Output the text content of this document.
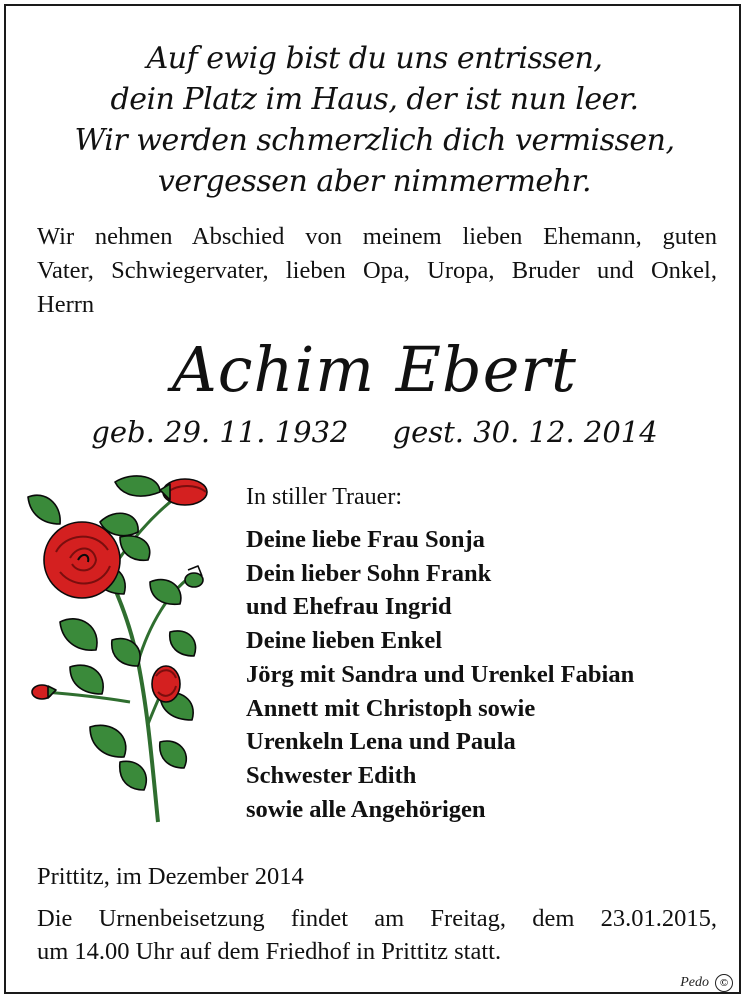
Auf ewig bist du uns entrissen,
dein Platz im Haus, der ist nun leer.
Wir werden schmerzlich dich vermissen,
vergessen aber nimmermehr.
Wir nehmen Abschied von meinem lieben Ehemann, guten
Vater, Schwiegervater, lieben Opa, Uropa, Bruder und Onkel,
Herrn
Achim Ebert
geb. 29. 11. 1932 gest. 30. 12. 2014
In stiller Trauer:
Deine liebe Frau Sonja
Dein lieber Sohn Frank
und Ehefrau Ingrid
Deine lieben Enkel
Jörg mit Sandra und Urenkel Fabian
Annett mit Christoph sowie
Urenkeln Lena und Paula
Schwester Edith
sowie alle Angehörigen
Prittitz, im Dezember 2014
Die Urnenbeisetzung findet am Freitag, dem 23.01.2015,
um 14.00 Uhr auf dem Friedhof in Prittitz statt.
Pedo ©
